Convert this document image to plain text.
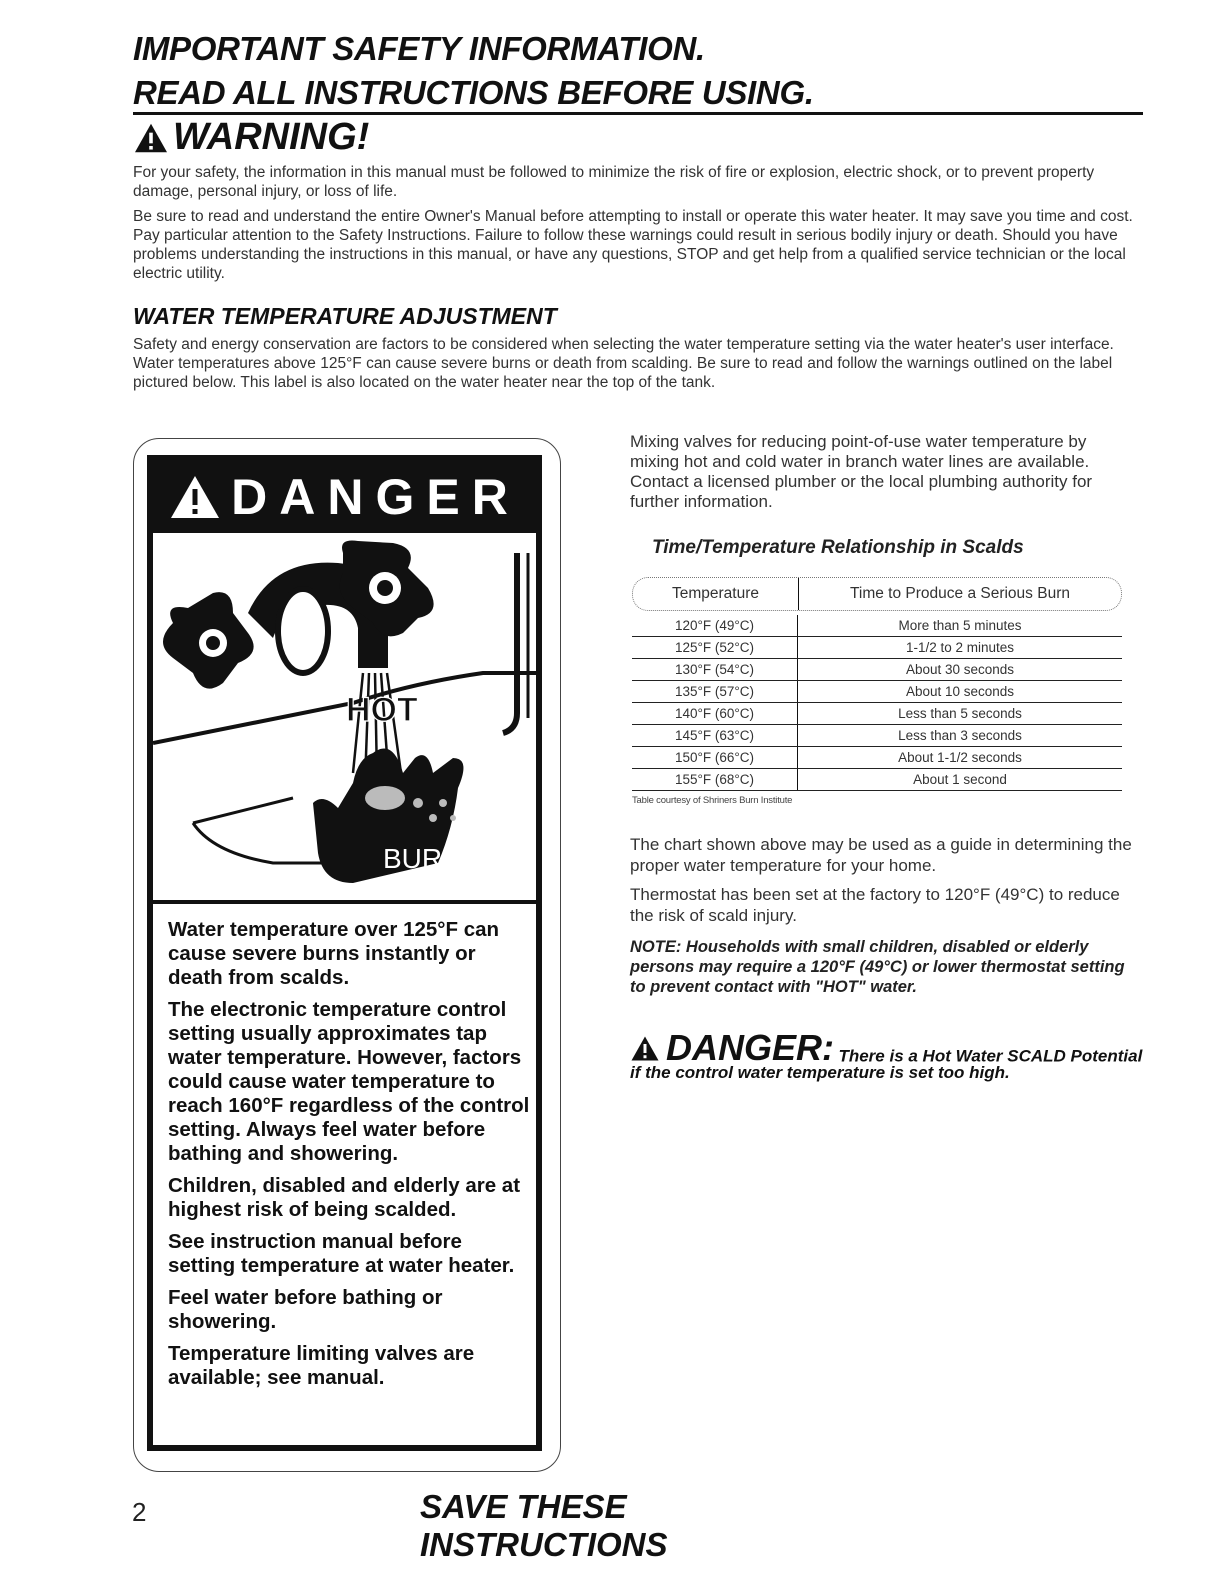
IMPORTANT SAFETY INFORMATION.
READ ALL INSTRUCTIONS BEFORE USING.
WARNING!

For your safety, the information in this manual must be followed to minimize the risk of fire or explosion, electric shock, or to prevent property damage, personal injury, or loss of life.

Be sure to read and understand the entire Owner's Manual before attempting to install or operate this water heater. It may save you time and cost. Pay particular attention to the Safety Instructions. Failure to follow these warnings could result in serious bodily injury or death. Should you have problems understanding the instructions in this manual, or have any questions, STOP and get help from a qualified service technician or the local electric utility.

WATER TEMPERATURE ADJUSTMENT

Safety and energy conservation are factors to be considered when selecting the water temperature setting via the water heater's user interface. Water temperatures above 125°F can cause severe burns or death from scalding. Be sure to read and follow the warnings outlined on the label pictured below. This label is also located on the water heater near the top of the tank.

DANGER
HOT
BURN

Water temperature over 125°F can cause severe burns instantly or death from scalds.

The electronic temperature control setting usually approximates tap water temperature. However, factors could cause water temperature to reach 160°F regardless of the control setting. Always feel water before bathing and showering.

Children, disabled and elderly are at highest risk of being scalded.

See instruction manual before setting temperature at water heater.

Feel water before bathing or showering.

Temperature limiting valves are available; see manual.

Mixing valves for reducing point-of-use water temperature by mixing hot and cold water in branch water lines are available. Contact a licensed plumber or the local plumbing authority for further information.

Time/Temperature Relationship in Scalds

Temperature	Time to Produce a Serious Burn
120°F (49°C)	More than 5 minutes
125°F (52°C)	1-1/2 to 2 minutes
130°F (54°C)	About 30 seconds
135°F (57°C)	About 10 seconds
140°F (60°C)	Less than 5 seconds
145°F (63°C)	Less than 3 seconds
150°F (66°C)	About 1-1/2 seconds
155°F (68°C)	About 1 second
Table courtesy of Shriners Burn Institute

The chart shown above may be used as a guide in determining the proper water temperature for your home.

Thermostat has been set at the factory to 120°F (49°C) to reduce the risk of scald injury.

NOTE: Households with small children, disabled or elderly persons may require a 120°F (49°C) or lower thermostat setting to prevent contact with "HOT" water.

DANGER: There is a Hot Water SCALD Potential
if the control water temperature is set too high.

2	SAVE THESE INSTRUCTIONS
